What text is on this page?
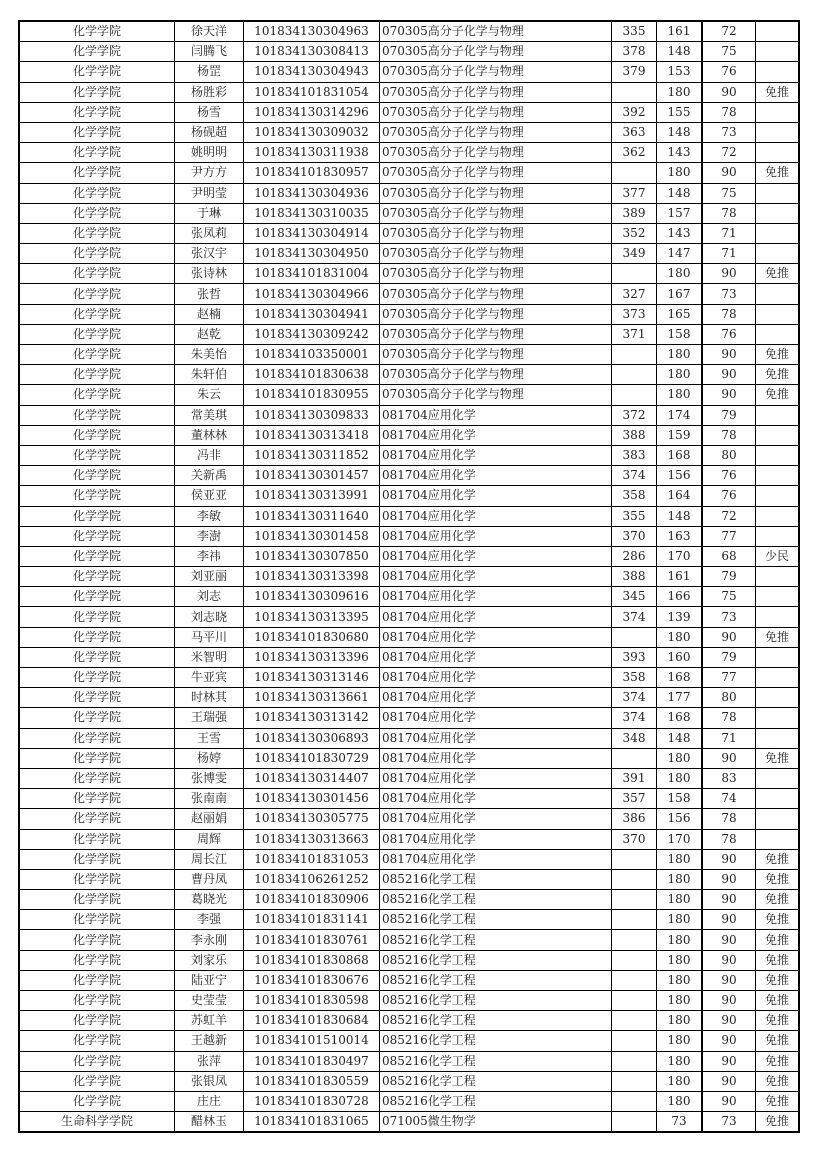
化学学院	徐天洋	101834130304963	070305高分子化学与物理	335	161	72	
化学学院	闫腾飞	101834130308413	070305高分子化学与物理	378	148	75	
化学学院	杨罡	101834130304943	070305高分子化学与物理	379	153	76	
化学学院	杨胜彩	101834101831054	070305高分子化学与物理		180	90	免推
化学学院	杨雪	101834130314296	070305高分子化学与物理	392	155	78	
化学学院	杨砚超	101834130309032	070305高分子化学与物理	363	148	73	
化学学院	姚明明	101834130311938	070305高分子化学与物理	362	143	72	
化学学院	尹方方	101834101830957	070305高分子化学与物理		180	90	免推
化学学院	尹明莹	101834130304936	070305高分子化学与物理	377	148	75	
化学学院	于琳	101834130310035	070305高分子化学与物理	389	157	78	
化学学院	张凤莉	101834130304914	070305高分子化学与物理	352	143	71	
化学学院	张汉宇	101834130304950	070305高分子化学与物理	349	147	71	
化学学院	张诗林	101834101831004	070305高分子化学与物理		180	90	免推
化学学院	张哲	101834130304966	070305高分子化学与物理	327	167	73	
化学学院	赵楠	101834130304941	070305高分子化学与物理	373	165	78	
化学学院	赵乾	101834130309242	070305高分子化学与物理	371	158	76	
化学学院	朱美怡	101834103350001	070305高分子化学与物理		180	90	免推
化学学院	朱轩伯	101834101830638	070305高分子化学与物理		180	90	免推
化学学院	朱云	101834101830955	070305高分子化学与物理		180	90	免推
化学学院	常美琪	101834130309833	081704应用化学	372	174	79	
化学学院	董林林	101834130313418	081704应用化学	388	159	78	
化学学院	冯非	101834130311852	081704应用化学	383	168	80	
化学学院	关新禹	101834130301457	081704应用化学	374	156	76	
化学学院	侯亚亚	101834130313991	081704应用化学	358	164	76	
化学学院	李敏	101834130311640	081704应用化学	355	148	72	
化学学院	李澍	101834130301458	081704应用化学	370	163	77	
化学学院	李祎	101834130307850	081704应用化学	286	170	68	少民
化学学院	刘亚丽	101834130313398	081704应用化学	388	161	79	
化学学院	刘志	101834130309616	081704应用化学	345	166	75	
化学学院	刘志晓	101834130313395	081704应用化学	374	139	73	
化学学院	马平川	101834101830680	081704应用化学		180	90	免推
化学学院	米智明	101834130313396	081704应用化学	393	160	79	
化学学院	牛亚宾	101834130313146	081704应用化学	358	168	77	
化学学院	时林其	101834130313661	081704应用化学	374	177	80	
化学学院	王瑞强	101834130313142	081704应用化学	374	168	78	
化学学院	王雪	101834130306893	081704应用化学	348	148	71	
化学学院	杨婷	101834101830729	081704应用化学		180	90	免推
化学学院	张博雯	101834130314407	081704应用化学	391	180	83	
化学学院	张南南	101834130301456	081704应用化学	357	158	74	
化学学院	赵丽娟	101834130305775	081704应用化学	386	156	78	
化学学院	周辉	101834130313663	081704应用化学	370	170	78	
化学学院	周长江	101834101831053	081704应用化学		180	90	免推
化学学院	曹丹凤	101834106261252	085216化学工程		180	90	免推
化学学院	葛晓光	101834101830906	085216化学工程		180	90	免推
化学学院	李强	101834101831141	085216化学工程		180	90	免推
化学学院	李永刚	101834101830761	085216化学工程		180	90	免推
化学学院	刘家乐	101834101830868	085216化学工程		180	90	免推
化学学院	陆亚宁	101834101830676	085216化学工程		180	90	免推
化学学院	史莹莹	101834101830598	085216化学工程		180	90	免推
化学学院	苏虹羊	101834101830684	085216化学工程		180	90	免推
化学学院	王越新	101834101510014	085216化学工程		180	90	免推
化学学院	张萍	101834101830497	085216化学工程		180	90	免推
化学学院	张银凤	101834101830559	085216化学工程		180	90	免推
化学学院	庄庄	101834101830728	085216化学工程		180	90	免推
生命科学学院	醋林玉	101834101831065	071005微生物学		73	73	免推
